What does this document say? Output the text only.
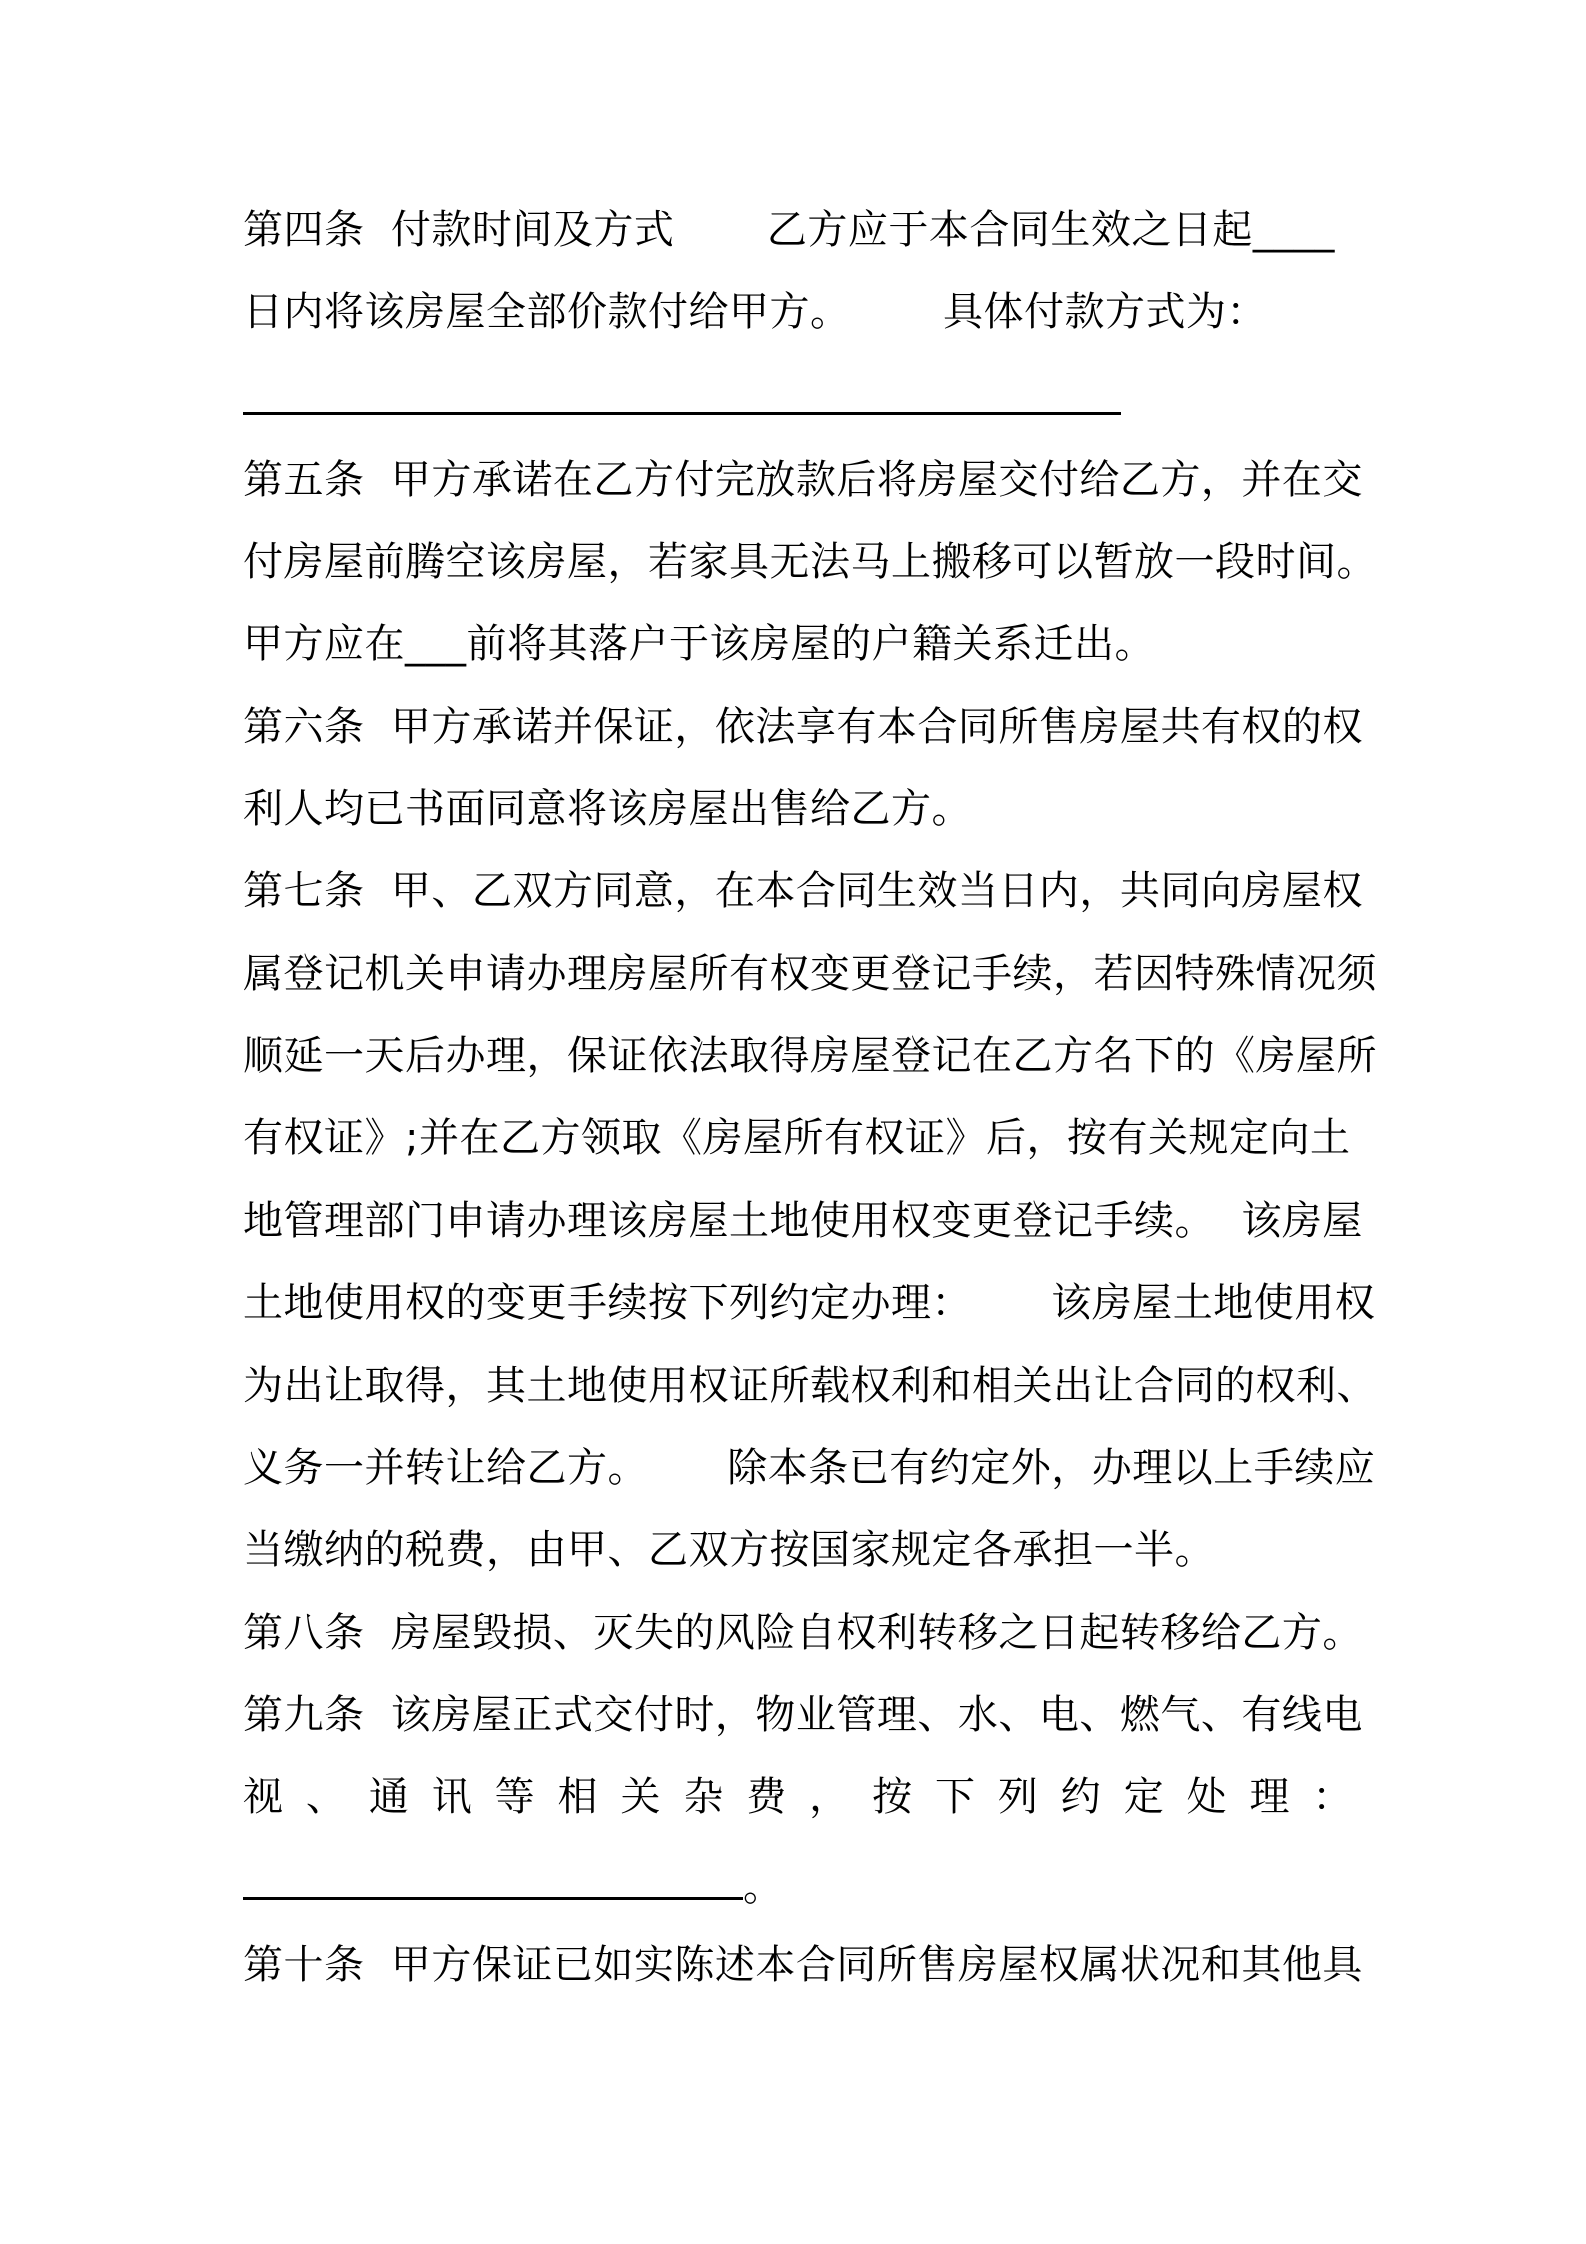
第四条  付款时间及方式       乙方应于本合同生效之日起____
日内将该房屋全部价款付给甲方。       具体付款方式为：
第五条  甲方承诺在乙方付完放款后将房屋交付给乙方，并在交
付房屋前腾空该房屋，若家具无法马上搬移可以暂放一段时间。
甲方应在___前将其落户于该房屋的户籍关系迁出。
第六条  甲方承诺并保证，依法享有本合同所售房屋共有权的权
利人均已书面同意将该房屋出售给乙方。
第七条  甲、乙双方同意，在本合同生效当日内，共同向房屋权
属登记机关申请办理房屋所有权变更登记手续，若因特殊情况须
顺延一天后办理，保证依法取得房屋登记在乙方名下的《房屋所
有权证》;并在乙方领取《房屋所有权证》后，按有关规定向土
地管理部门申请办理该房屋土地使用权变更登记手续。  该房屋
土地使用权的变更手续按下列约定办理：      该房屋土地使用权
为出让取得，其土地使用权证所载权利和相关出让合同的权利、
义务一并转让给乙方。      除本条已有约定外，办理以上手续应
当缴纳的税费，由甲、乙双方按国家规定各承担一半。
第八条  房屋毁损、灭失的风险自权利转移之日起转移给乙方。
第九条  该房屋正式交付时，物业管理、水、电、燃气、有线电
视 、 通 讯 等 相 关 杂 费 ， 按 下 列 约 定 处 理 ：
。
第十条  甲方保证已如实陈述本合同所售房屋权属状况和其他具
